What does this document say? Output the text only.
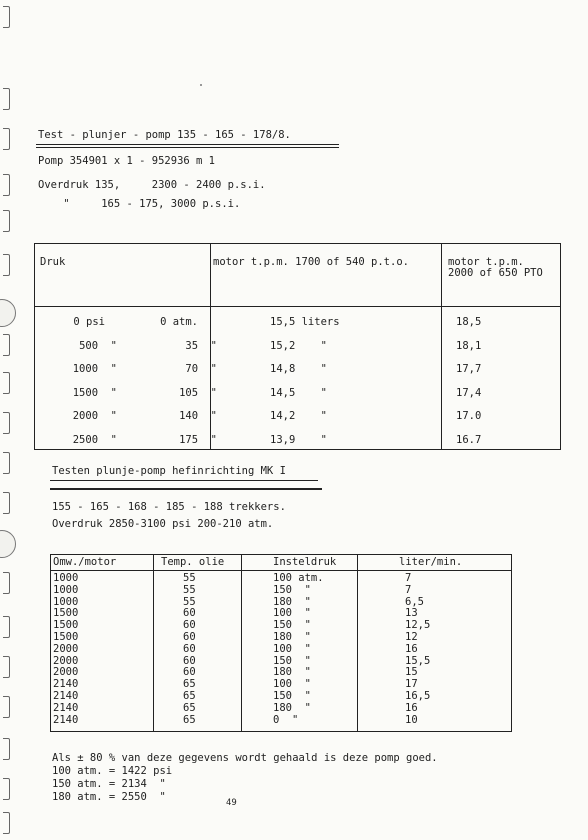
Test - plunjer - pomp 135 - 165 - 178/8.
Pomp 354901 x 1 - 952936 m 1
Overdruk 135,     2300 - 2400 p.s.i.
"     165 - 175, 3000 p.s.i.
Druk	motor t.p.m. 1700 of 540 p.t.o.	motor t.p.m.
2000 of 650 PTO
0 psi	0 atm.	15,5 liters	18,5
500  "	35  "	15,2    "	18,1
1000  "	70  "	14,8    "	17,7
1500  "	105  "	14,5    "	17,4
2000  "	140  "	14,2    "	17.0
2500  "	175  "	13,9    "	16.7
Testen plunje-pomp hefinrichting MK I
155 - 165 - 168 - 185 - 188 trekkers.
Overdruk 2850-3100 psi 200-210 atm.
Omw./motor	Temp. olie	Insteldruk	liter/min.
1000	55	100 atm.	7
1000	55	150  "	7
1000	55	180  "	6,5
1500	60	100  "	13
1500	60	150  "	12,5
1500	60	180  "	12
2000	60	100  "	16
2000	60	150  "	15,5
2000	60	180  "	15
2140	65	100  "	17
2140	65	150  "	16,5
2140	65	180  "	16
2140	65	0  "	10
Als ± 80 % van deze gegevens wordt gehaald is deze pomp goed.
100 atm. = 1422 psi
150 atm. = 2134  "
180 atm. = 2550  "	49
